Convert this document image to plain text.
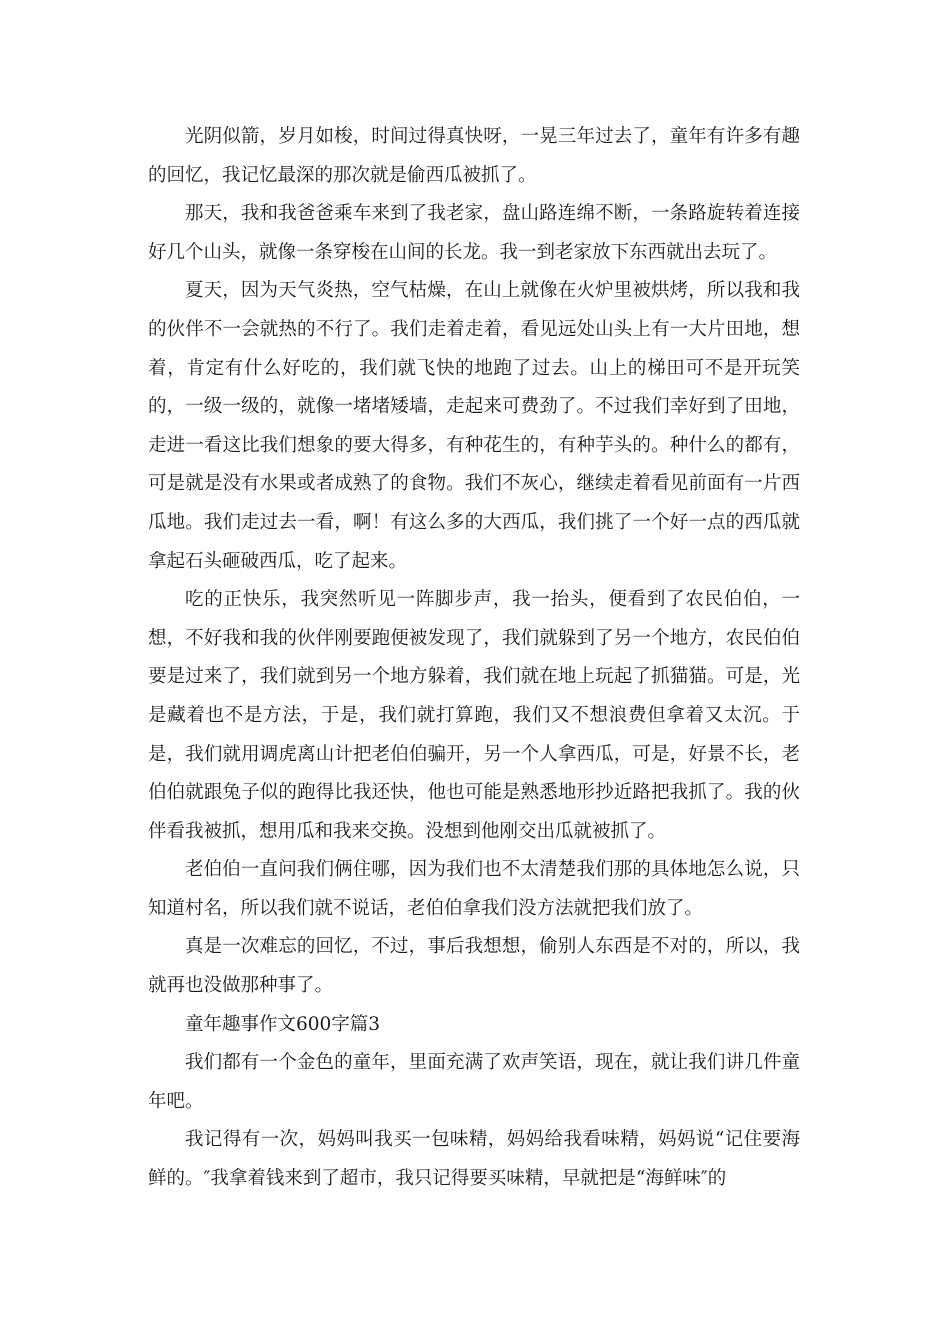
光阴似箭，岁月如梭，时间过得真快呀，一晃三年过去了，童年有许多有趣的回忆，我记忆最深的那次就是偷西瓜被抓了。

那天，我和我爸爸乘车来到了我老家，盘山路连绵不断，一条路旋转着连接好几个山头，就像一条穿梭在山间的长龙。我一到老家放下东西就出去玩了。

夏天，因为天气炎热，空气枯燥，在山上就像在火炉里被烘烤，所以我和我的伙伴不一会就热的不行了。我们走着走着，看见远处山头上有一大片田地，想着，肯定有什么好吃的，我们就飞快的地跑了过去。山上的梯田可不是开玩笑的，一级一级的，就像一堵堵矮墙，走起来可费劲了。不过我们幸好到了田地，走进一看这比我们想象的要大得多，有种花生的，有种芋头的。种什么的都有，可是就是没有水果或者成熟了的食物。我们不灰心，继续走着看见前面有一片西瓜地。我们走过去一看，啊！有这么多的大西瓜，我们挑了一个好一点的西瓜就拿起石头砸破西瓜，吃了起来。

吃的正快乐，我突然听见一阵脚步声，我一抬头，便看到了农民伯伯，一想，不好我和我的伙伴刚要跑便被发现了，我们就躲到了另一个地方，农民伯伯要是过来了，我们就到另一个地方躲着，我们就在地上玩起了抓猫猫。可是，光是藏着也不是方法，于是，我们就打算跑，我们又不想浪费但拿着又太沉。于是，我们就用调虎离山计把老伯伯骗开，另一个人拿西瓜，可是，好景不长，老伯伯就跟兔子似的跑得比我还快，他也可能是熟悉地形抄近路把我抓了。我的伙伴看我被抓，想用瓜和我来交换。没想到他刚交出瓜就被抓了。

老伯伯一直问我们俩住哪，因为我们也不太清楚我们那的具体地怎么说，只知道村名，所以我们就不说话，老伯伯拿我们没方法就把我们放了。

真是一次难忘的回忆，不过，事后我想想，偷别人东西是不对的，所以，我就再也没做那种事了。

童年趣事作文600字篇3

我们都有一个金色的童年，里面充满了欢声笑语，现在，就让我们讲几件童年吧。

我记得有一次，妈妈叫我买一包味精，妈妈给我看味精，妈妈说“记住要海鲜的。″我拿着钱来到了超市，我只记得要买味精，早就把是“海鲜味″的
